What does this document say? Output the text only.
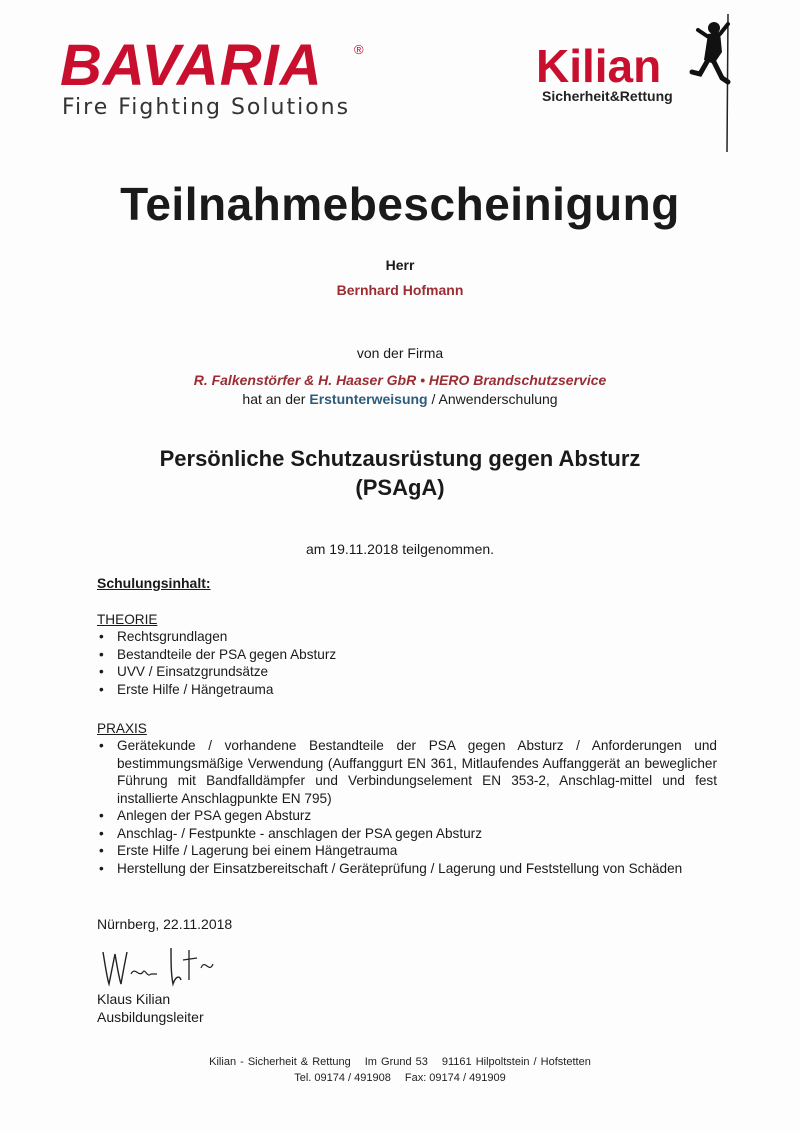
BAVARIA ®
Fire Fighting Solutions
Kilian
Sicherheit&Rettung
Teilnahmebescheinigung
Herr
Bernhard Hofmann
von der Firma
R. Falkenstörfer & H. Haaser GbR • HERO Brandschutzservice
hat an der Erstunterweisung / Anwenderschulung
Persönliche Schutzausrüstung gegen Absturz
(PSAgA)
am 19.11.2018 teilgenommen.
Schulungsinhalt:
THEORIE
• Rechtsgrundlagen
• Bestandteile der PSA gegen Absturz
• UVV / Einsatzgrundsätze
• Erste Hilfe / Hängetrauma
PRAXIS
• Gerätekunde / vorhandene Bestandteile der PSA gegen Absturz / Anforderungen und bestimmungsmäßige Verwendung (Auffanggurt EN 361, Mitlaufendes Auffanggerät an beweglicher Führung mit Bandfalldämpfer und Verbindungselement EN 353-2, Anschlag-mittel und fest installierte Anschlagpunkte EN 795)
• Anlegen der PSA gegen Absturz
• Anschlag- / Festpunkte - anschlagen der PSA gegen Absturz
• Erste Hilfe / Lagerung bei einem Hängetrauma
• Herstellung der Einsatzbereitschaft / Geräteprüfung / Lagerung und Feststellung von Schäden
Nürnberg, 22.11.2018
Klaus Kilian
Ausbildungsleiter
Kilian - Sicherheit & Rettung Im Grund 53 91161 Hilpoltstein / Hofstetten
Tel. 09174 / 491908 Fax: 09174 / 491909
